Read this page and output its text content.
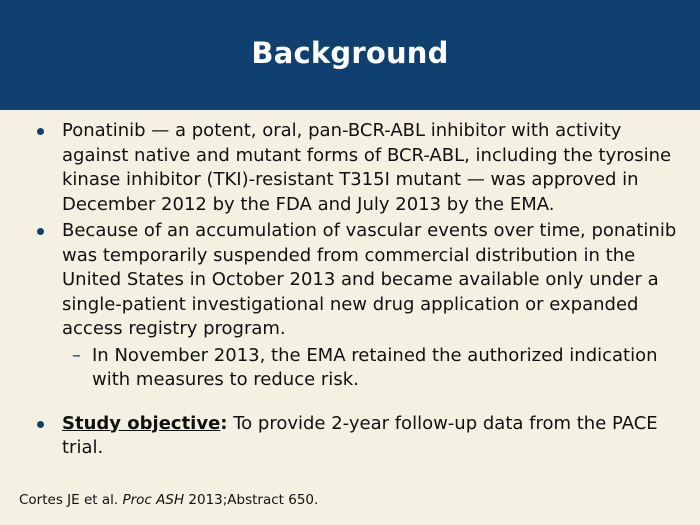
Background
Ponatinib — a potent, oral, pan-BCR-ABL inhibitor with activity against native and mutant forms of BCR-ABL, including the tyrosine kinase inhibitor (TKI)-resistant T315I mutant — was approved in December 2012 by the FDA and July 2013 by the EMA.
Because of an accumulation of vascular events over time, ponatinib was temporarily suspended from commercial distribution in the United States in October 2013 and became available only under a single-patient investigational new drug application or expanded access registry program.
– In November 2013, the EMA retained the authorized indication with measures to reduce risk.
Study objective: To provide 2-year follow-up data from the PACE trial.
Cortes JE et al. Proc ASH 2013;Abstract 650.
